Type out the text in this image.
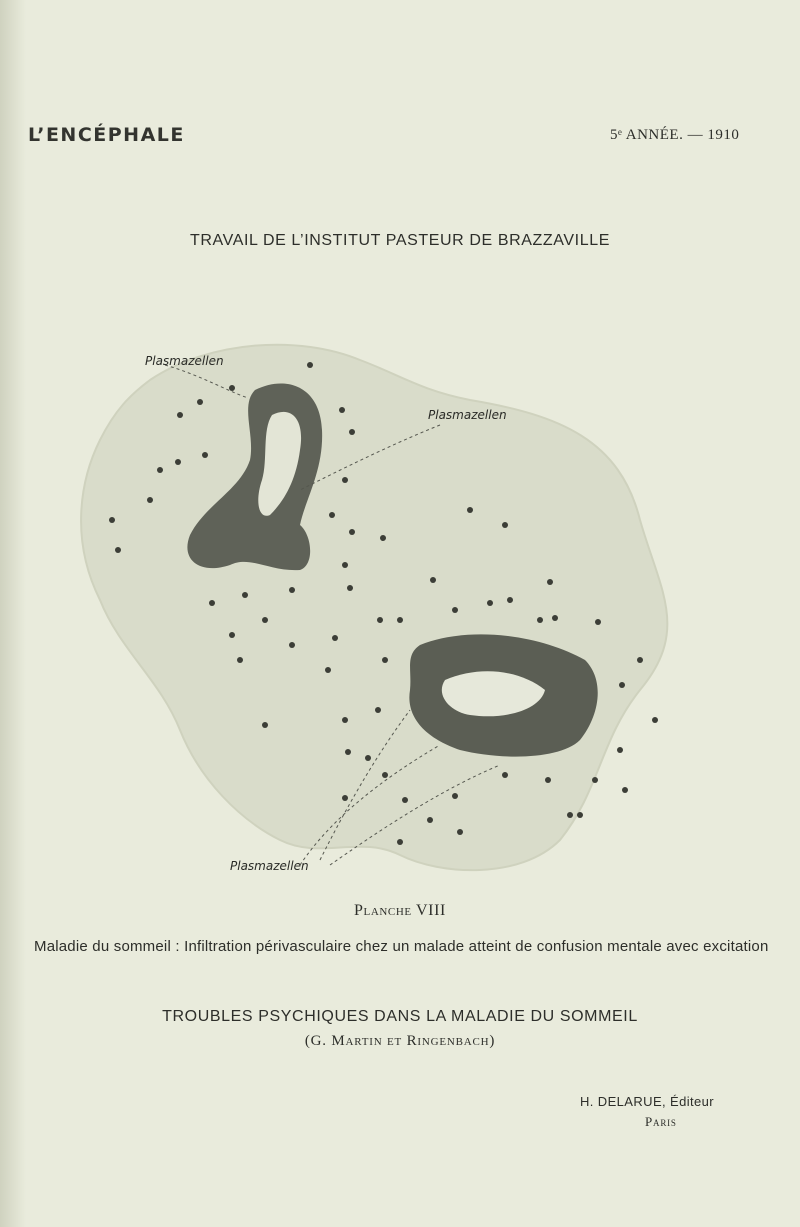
L’ENCÉPHALE	5ᵉ ANNÉE. — 1910
TRAVAIL DE L’INSTITUT PASTEUR DE BRAZZAVILLE
Plasmazellen
Plasmazellen
Plasmazellen
Planche VIII
Maladie du sommeil : Infiltration périvasculaire chez un malade atteint de confusion mentale avec excitation
TROUBLES PSYCHIQUES DANS LA MALADIE DU SOMMEIL
(G. Martin et Ringenbach)
H. DELARUE, Éditeur
Paris
